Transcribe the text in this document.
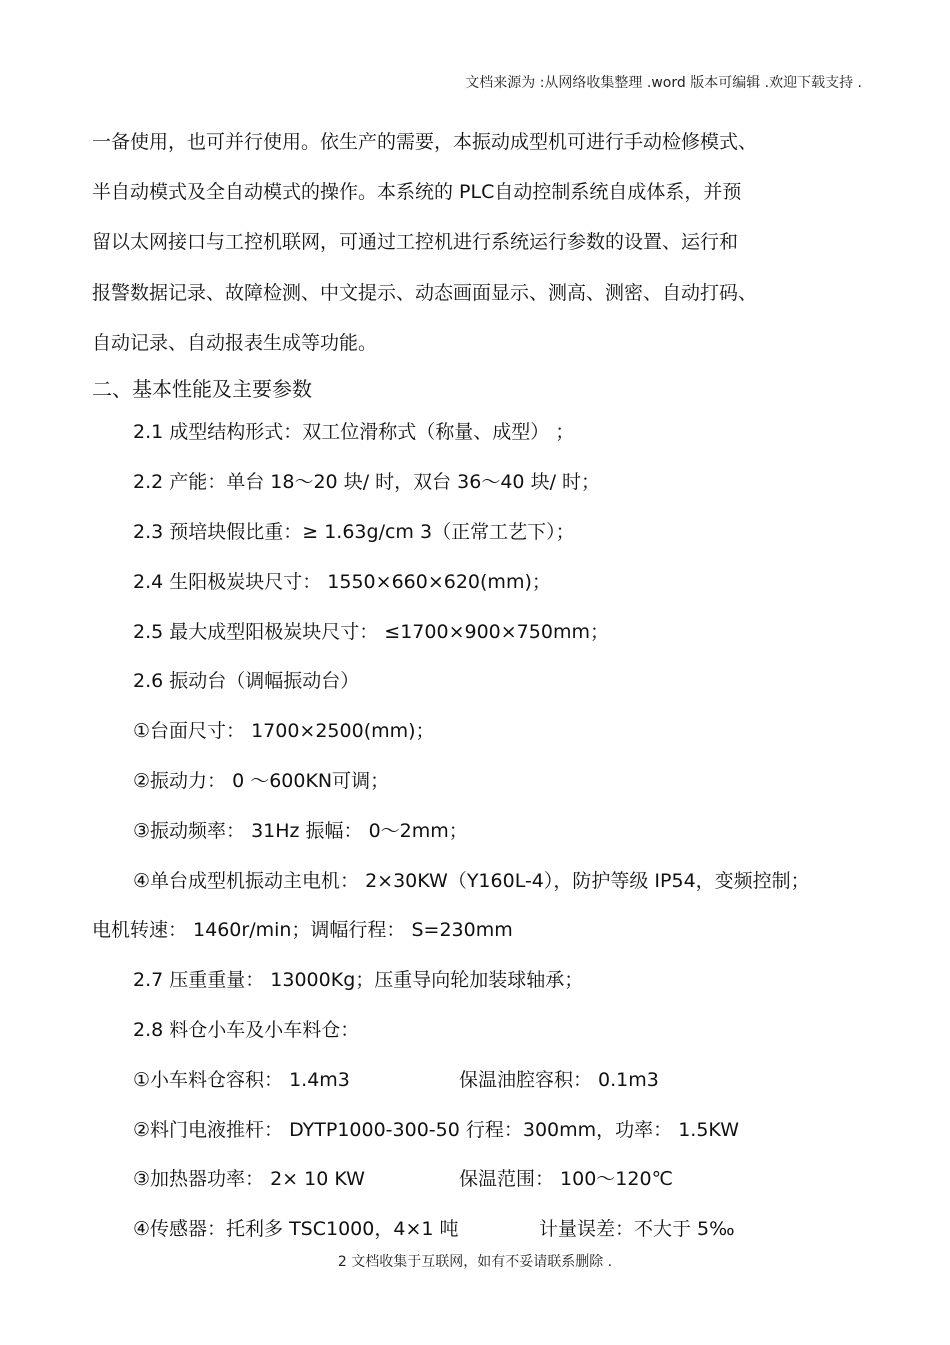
文档来源为 :从网络收集整理 .word 版本可编辑 .欢迎下载支持 .
一备使用，也可并行使用。依生产的需要，本振动成型机可进行手动检修模式、
半自动模式及全自动模式的操作。本系统的 PLC自动控制系统自成体系，并预
留以太网接口与工控机联网，可通过工控机进行系统运行参数的设置、运行和
报警数据记录、故障检测、中文提示、动态画面显示、测高、测密、自动打码、
自动记录、自动报表生成等功能。
二、基本性能及主要参数
2.1 成型结构形式：双工位滑称式（称量、成型） ；
2.2 产能：单台 18～20 块/ 时，双台 36～40 块/ 时；
2.3 预培块假比重：≥ 1.63g/cm 3（正常工艺下）；
2.4 生阳极炭块尺寸： 1550×660×620(mm)；
2.5 最大成型阳极炭块尺寸： ≤1700×900×750mm；
2.6 振动台（调幅振动台）
①台面尺寸： 1700×2500(mm)；
②振动力： 0 ～600KN可调；
③振动频率： 31Hz 振幅： 0～2mm；
④单台成型机振动主电机： 2×30KW（Y160L-4），防护等级 IP54，变频控制；
电机转速： 1460r/min；调幅行程： S=230mm
2.7 压重重量： 13000Kg；压重导向轮加装球轴承；
2.8 料仓小车及小车料仓：
①小车料仓容积： 1.4m3	保温油腔容积： 0.1m3
②料门电液推杆： DYTP1000-300-50 行程：300mm，功率： 1.5KW
③加热器功率： 2× 10 KW	保温范围： 100～120℃
④传感器：托利多 TSC1000，4×1 吨	计量误差：不大于 5‰
2 文档收集于互联网，如有不妥请联系删除 .
